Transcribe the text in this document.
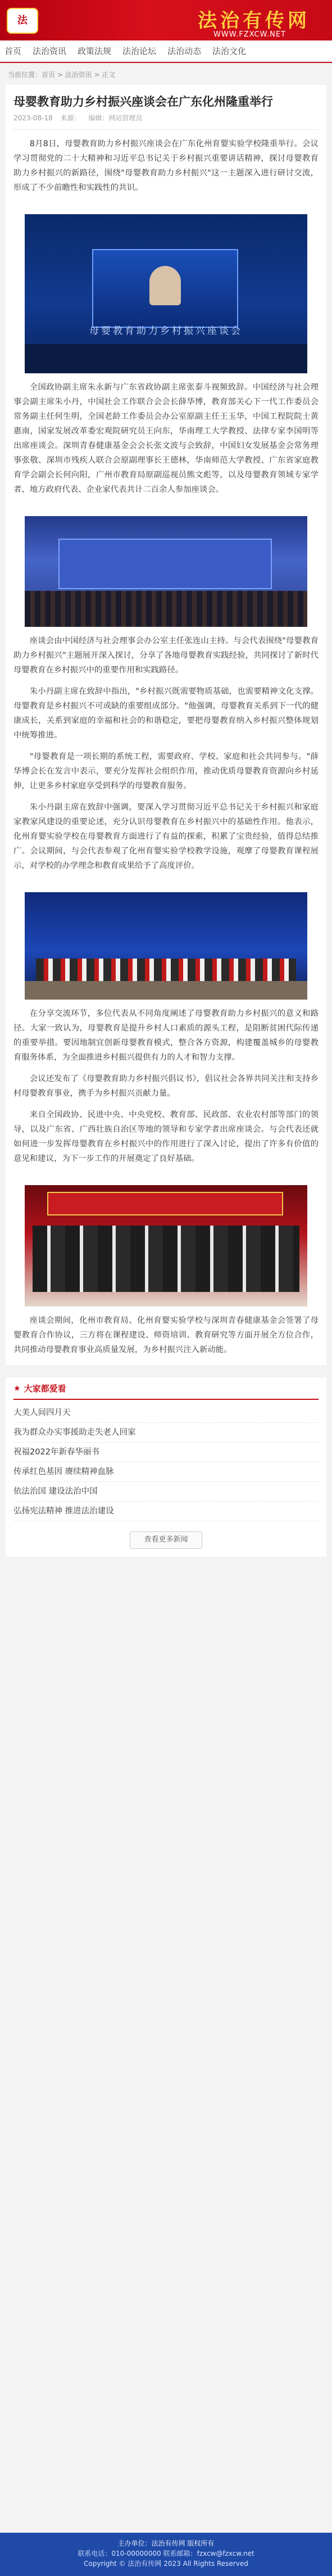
法	法治有传网
WWW.FZXCW.NET
首页 法治资讯 政策法规 法治论坛 法治动态 法治文化
当前位置：首页 > 法治资讯 > 正文
母婴教育助力乡村振兴座谈会在广东化州隆重举行
2023-08-18 来源： 编辑：网站管理员

8月8日，母婴教育助力乡村振兴座谈会在广东化州育婴实验学校隆重举行。会议学习贯彻党的二十大精神和习近平总书记关于乡村振兴重要讲话精神，探讨母婴教育助力乡村振兴的新路径，围绕"母婴教育助力乡村振兴"这一主题深入进行研讨交流，形成了不少前瞻性和实践性的共识。

母婴教育助力乡村振兴座谈会

全国政协副主席朱永新与广东省政协副主席张泰斗视频致辞。中国经济与社会理事会副主席朱小丹，中国社会工作联合会会长薛华博，教育部关心下一代工作委员会常务副主任何生明，全国老龄工作委员会办公室原副主任王玉华，中国工程院院士黄惠南，国家发展改革委宏观院研究员王向东，华南理工大学教授、法律专家李国明等出席座谈会。深圳青春健康基金会会长张文波与会致辞，中国妇女发展基金会常务理事张敬、深圳市残疾人联合会原副理事长王德林，华南师范大学教授、广东省家庭教育学会副会长何向阳，广州市教育局原副巡视员熊文彪等，以及母婴教育领域专家学者、地方政府代表、企业家代表共计二百余人参加座谈会。

座谈会由中国经济与社会理事会办公室主任张连山主持。与会代表围绕"母婴教育助力乡村振兴"主题展开深入探讨，分享了各地母婴教育实践经验，共同探讨了新时代母婴教育在乡村振兴中的重要作用和实践路径。

朱小丹副主席在致辞中指出，"乡村振兴既需要物质基础，也需要精神文化支撑。母婴教育是乡村振兴不可或缺的重要组成部分。"他强调，母婴教育关系到下一代的健康成长，关系到家庭的幸福和社会的和谐稳定，要把母婴教育纳入乡村振兴整体规划中统筹推进。

"母婴教育是一项长期的系统工程，需要政府、学校、家庭和社会共同参与。"薛华博会长在发言中表示，要充分发挥社会组织作用，推动优质母婴教育资源向乡村延伸，让更多乡村家庭享受到科学的母婴教育服务。

朱小丹副主席在致辞中强调，要深入学习贯彻习近平总书记关于乡村振兴和家庭家教家风建设的重要论述，充分认识母婴教育在乡村振兴中的基础性作用。他表示，化州育婴实验学校在母婴教育方面进行了有益的探索，积累了宝贵经验，值得总结推广。会议期间，与会代表参观了化州育婴实验学校教学设施，观摩了母婴教育课程展示，对学校的办学理念和教育成果给予了高度评价。

在分享交流环节，多位代表从不同角度阐述了母婴教育助力乡村振兴的意义和路径。大家一致认为，母婴教育是提升乡村人口素质的源头工程，是阻断贫困代际传递的重要举措。要因地制宜创新母婴教育模式，整合各方资源，构建覆盖城乡的母婴教育服务体系，为全面推进乡村振兴提供有力的人才和智力支撑。

会议还发布了《母婴教育助力乡村振兴倡议书》，倡议社会各界共同关注和支持乡村母婴教育事业，携手为乡村振兴贡献力量。

来自全国政协、民进中央、中央党校、教育部、民政部、农业农村部等部门的领导，以及广东省、广西壮族自治区等地的领导和专家学者出席座谈会。与会代表还就如何进一步发挥母婴教育在乡村振兴中的作用进行了深入讨论，提出了许多有价值的意见和建议，为下一步工作的开展奠定了良好基础。

座谈会期间，化州市教育局、化州育婴实验学校与深圳青春健康基金会签署了母婴教育合作协议，三方将在课程建设、师资培训、教育研究等方面开展全方位合作，共同推动母婴教育事业高质量发展，为乡村振兴注入新动能。

★ 大家都爱看
大美人间四月天
我为群众办实事援助走失老人回家
祝福2022年新春华丽书
传承红色基因 赓续精神血脉
依法治国 建设法治中国
弘扬宪法精神 推进法治建设
查看更多新闻
主办单位：法治有传网 版权所有
联系电话：010-00000000 联系邮箱：fzxcw@fzxcw.net
Copyright © 法治有传网 2023 All Rights Reserved
